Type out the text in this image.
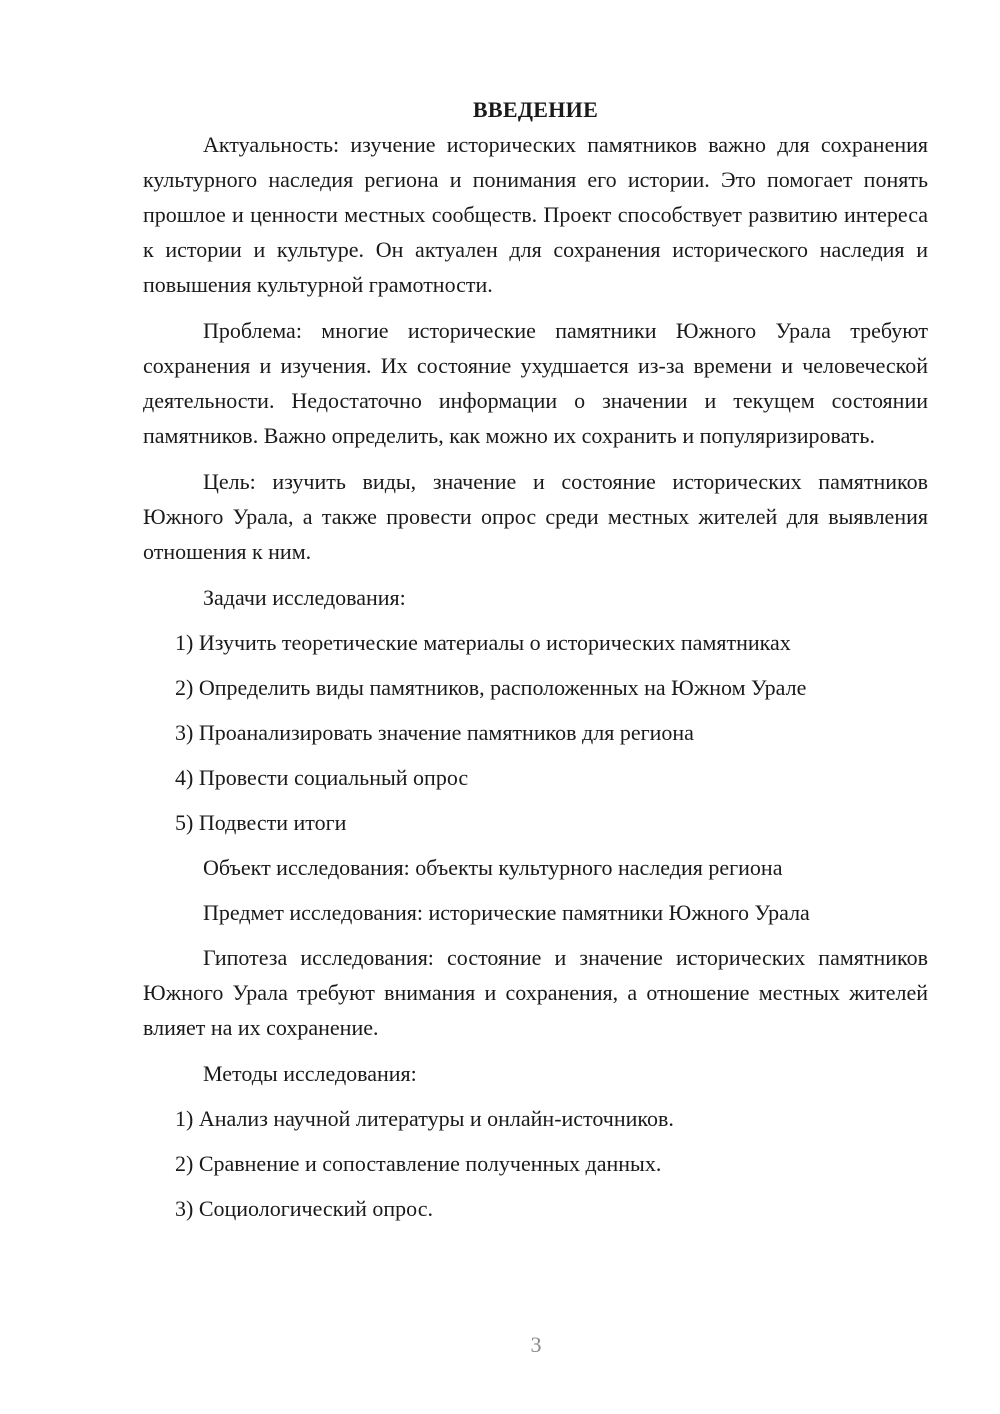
ВВЕДЕНИЕ

Актуальность: изучение исторических памятников важно для сохранения культурного наследия региона и понимания его истории. Это помогает понять прошлое и ценности местных сообществ. Проект способствует развитию интереса к истории и культуре. Он актуален для сохранения исторического наследия и повышения культурной грамотности.

Проблема: многие исторические памятники Южного Урала требуют сохранения и изучения. Их состояние ухудшается из-за времени и человеческой деятельности. Недостаточно информации о значении и текущем состоянии памятников. Важно определить, как можно их сохранить и популяризировать.

Цель: изучить виды, значение и состояние исторических памятников Южного Урала, а также провести опрос среди местных жителей для выявления отношения к ним.

Задачи исследования:

1) Изучить теоретические материалы о исторических памятниках

2) Определить виды памятников, расположенных на Южном Урале

3) Проанализировать значение памятников для региона

4) Провести социальный опрос

5) Подвести итоги

Объект исследования: объекты культурного наследия региона

Предмет исследования: исторические памятники Южного Урала

Гипотеза исследования: состояние и значение исторических памятников Южного Урала требуют внимания и сохранения, а отношение местных жителей влияет на их сохранение.

Методы исследования:

1) Анализ научной литературы и онлайн-источников.

2) Сравнение и сопоставление полученных данных.

3) Социологический опрос.

3
